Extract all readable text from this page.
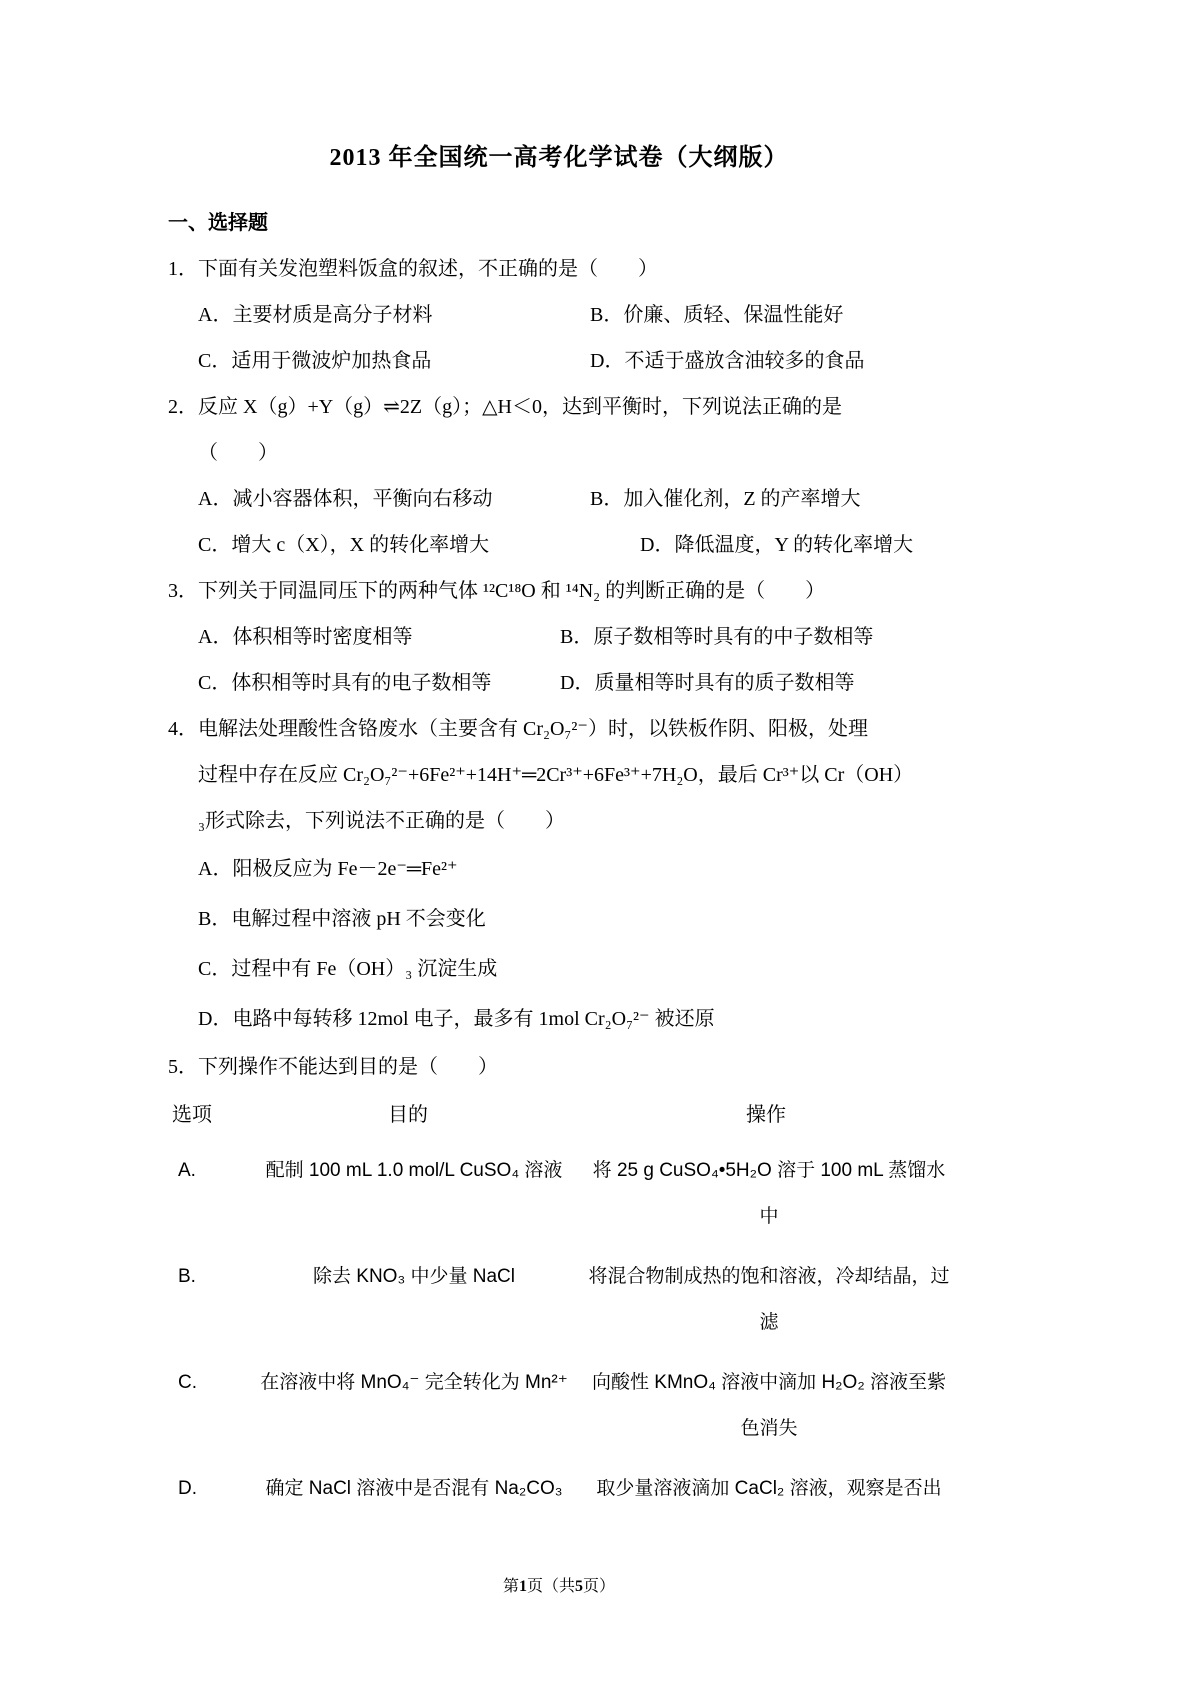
2013 年全国统一高考化学试卷（大纲版）
一、选择题
1．下面有关发泡塑料饭盒的叙述，不正确的是（　　）
A．主要材质是高分子材料	B．价廉、质轻、保温性能好
C．适用于微波炉加热食品	D．不适于盛放含油较多的食品
2．反应 X（g）+Y（g）⇌2Z（g）；△H＜0，达到平衡时，下列说法正确的是
（　　）
A．减小容器体积，平衡向右移动	B．加入催化剂，Z 的产率增大
C．增大 c（X），X 的转化率增大	D．降低温度，Y 的转化率增大
3．下列关于同温同压下的两种气体 ¹²C¹⁸O 和 ¹⁴N₂ 的判断正确的是（　　）
A．体积相等时密度相等	B．原子数相等时具有的中子数相等
C．体积相等时具有的电子数相等	D．质量相等时具有的质子数相等
4．电解法处理酸性含铬废水（主要含有 Cr₂O₇²⁻）时，以铁板作阴、阳极，处理
过程中存在反应 Cr₂O₇²⁻+6Fe²⁺+14H⁺═2Cr³⁺+6Fe³⁺+7H₂O，最后 Cr³⁺以 Cr（OH）
₃形式除去，下列说法不正确的是（　　）
A．阳极反应为 Fe－2e⁻═Fe²⁺
B．电解过程中溶液 pH 不会变化
C．过程中有 Fe（OH）₃ 沉淀生成
D．电路中每转移 12mol 电子，最多有 1mol Cr₂O₇²⁻ 被还原
5．下列操作不能达到目的是（　　）
选项	目的	操作
A.	配制 100 mL 1.0 mol/L CuSO₄ 溶液	将 25 g CuSO₄•5H₂O 溶于 100 mL 蒸馏水中
B.	除去 KNO₃ 中少量 NaCl	将混合物制成热的饱和溶液，冷却结晶，过滤
C.	在溶液中将 MnO₄⁻ 完全转化为 Mn²⁺	向酸性 KMnO₄ 溶液中滴加 H₂O₂ 溶液至紫色消失
D.	确定 NaCl 溶液中是否混有 Na₂CO₃	取少量溶液滴加 CaCl₂ 溶液，观察是否出
第1页（共5页）
